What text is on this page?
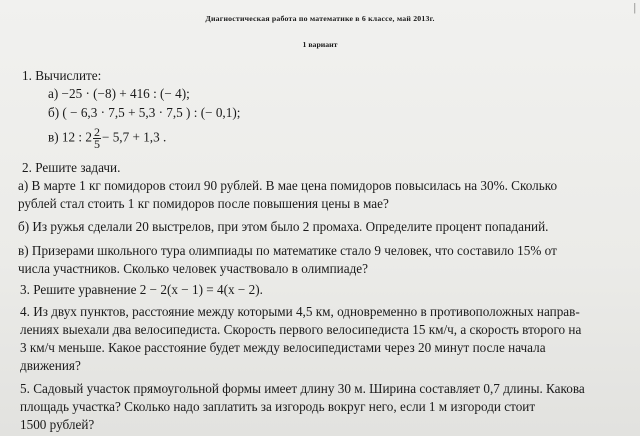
|
Диагностическая работа по математике в 6 классе, май 2013г.
1 вариант
1. Вычислите:
а) −25 · (−8) + 416 : (− 4);
б) ( − 6,3 · 7,5 + 5,3 · 7,5 ) : (− 0,1);
в) 12 : $2 \frac{2}{5} - 5,7 + 1,3$ .
2. Решите задачи.
а) В марте 1 кг помидоров стоил 90 рублей. В мае цена помидоров повысилась на 30%. Сколько
рублей стал стоить 1 кг помидоров после повышения цены в мае?
б) Из ружья сделали 20 выстрелов, при этом было 2 промаха. Определите процент попаданий.
в) Призерами школьного тура олимпиады по математике стало 9 человек, что составило 15% от
числа участников. Сколько человек участвовало в олимпиаде?
3. Решите уравнение 2 − 2(x − 1) = 4(x − 2).
4. Из двух пунктов, расстояние между которыми 4,5 км, одновременно в противоположных направ-
лениях выехали два велосипедиста. Скорость первого велосипедиста 15 км/ч, а скорость второго на
3 км/ч меньше. Какое расстояние будет между велосипедистами через 20 минут после начала
движения?
5. Садовый участок прямоугольной формы имеет длину 30 м. Ширина составляет 0,7 длины. Какова
площадь участка? Сколько надо заплатить за изгородь вокруг него, если 1 м изгороди стоит
1500 рублей?
